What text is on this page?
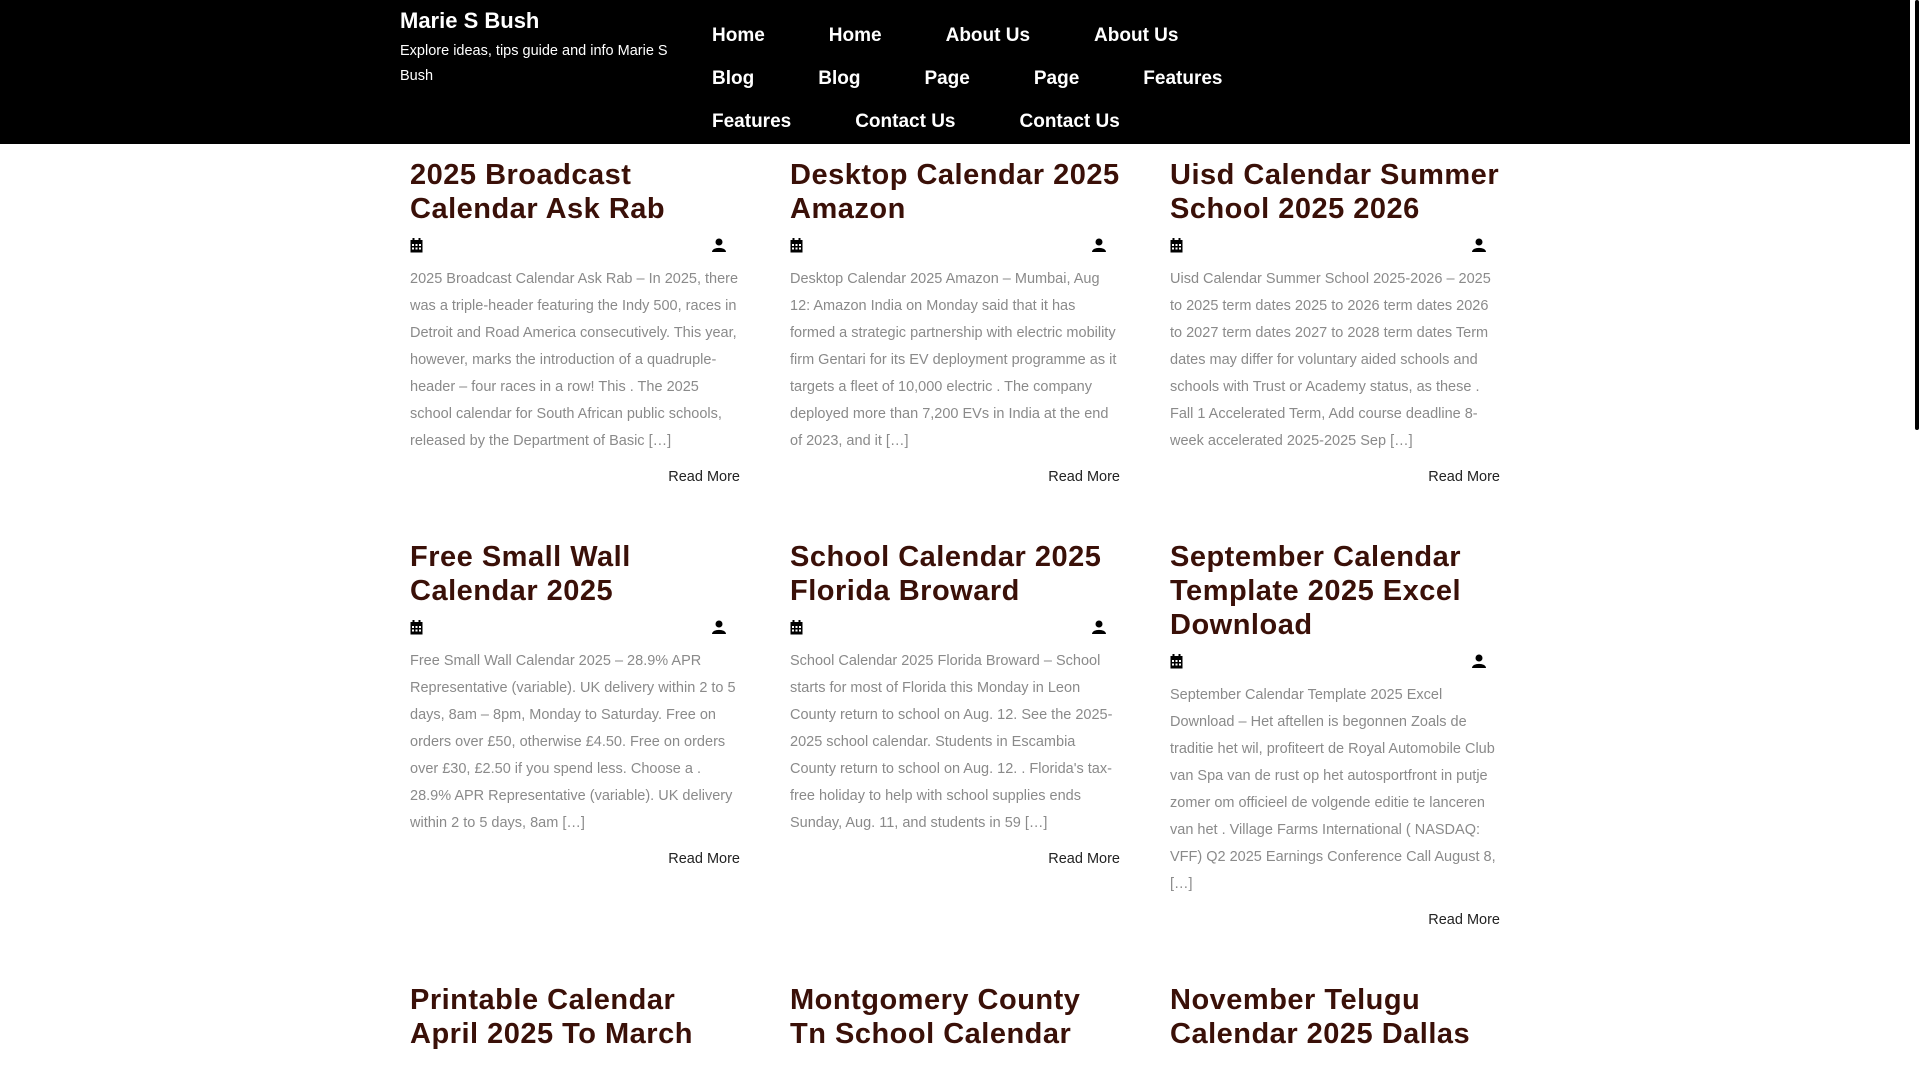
Marie S Bush
Explore ideas, tips guide and info Marie S Bush
Home	Home	About Us	About Us
Blog	Blog	Page	Page	Features
Features	Contact Us	Contact Us
2025 Broadcast Calendar Ask Rab

2025 Broadcast Calendar Ask Rab – In 2025, there was a triple-header featuring the Indy 500, races in Detroit and Road America consecutively. This year, however, marks the introduction of a quadruple-header – four races in a row! This . The 2025 school calendar for South African public schools, released by the Department of Basic […]

Read More
Desktop Calendar 2025 Amazon

Desktop Calendar 2025 Amazon – Mumbai, Aug 12: Amazon India on Monday said that it has formed a strategic partnership with electric mobility firm Gentari for its EV deployment programme as it targets a fleet of 10,000 electric . The company deployed more than 7,200 EVs in India at the end of 2023, and it […]

Read More
Uisd Calendar Summer School 2025 2026

Uisd Calendar Summer School 2025-2026 – 2025 to 2025 term dates 2025 to 2026 term dates 2026 to 2027 term dates 2027 to 2028 term dates Term dates may differ for voluntary aided schools and schools with Trust or Academy status, as these . Fall 1 Accelerated Term, Add course deadline 8-week accelerated 2025-2025 Sep […]

Read More
Free Small Wall Calendar 2025

Free Small Wall Calendar 2025 – 28.9% APR Representative (variable). UK delivery within 2 to 5 days, 8am – 8pm, Monday to Saturday. Free on orders over £50, otherwise £4.50. Free on orders over £30, £2.50 if you spend less. Choose a . 28.9% APR Representative (variable). UK delivery within 2 to 5 days, 8am […]

Read More
School Calendar 2025 Florida Broward

School Calendar 2025 Florida Broward – School starts for most of Florida this Monday in Leon County return to school on Aug. 12. See the 2025-2025 school calendar. Students in Escambia County return to school on Aug. 12. . Florida's tax-free holiday to help with school supplies ends Sunday, Aug. 11, and students in 59 […]

Read More
September Calendar Template 2025 Excel Download

September Calendar Template 2025 Excel Download – Het aftellen is begonnen Zoals de traditie het wil, profiteert de Royal Automobile Club van Spa van de rust op het autosportfront in putje zomer om officieel de volgende editie te lanceren van het . Village Farms International ( NASDAQ: VFF) Q2 2025 Earnings Conference Call August 8, […]

Read More
Printable Calendar April 2025 To March
Montgomery County Tn School Calendar
November Telugu Calendar 2025 Dallas
